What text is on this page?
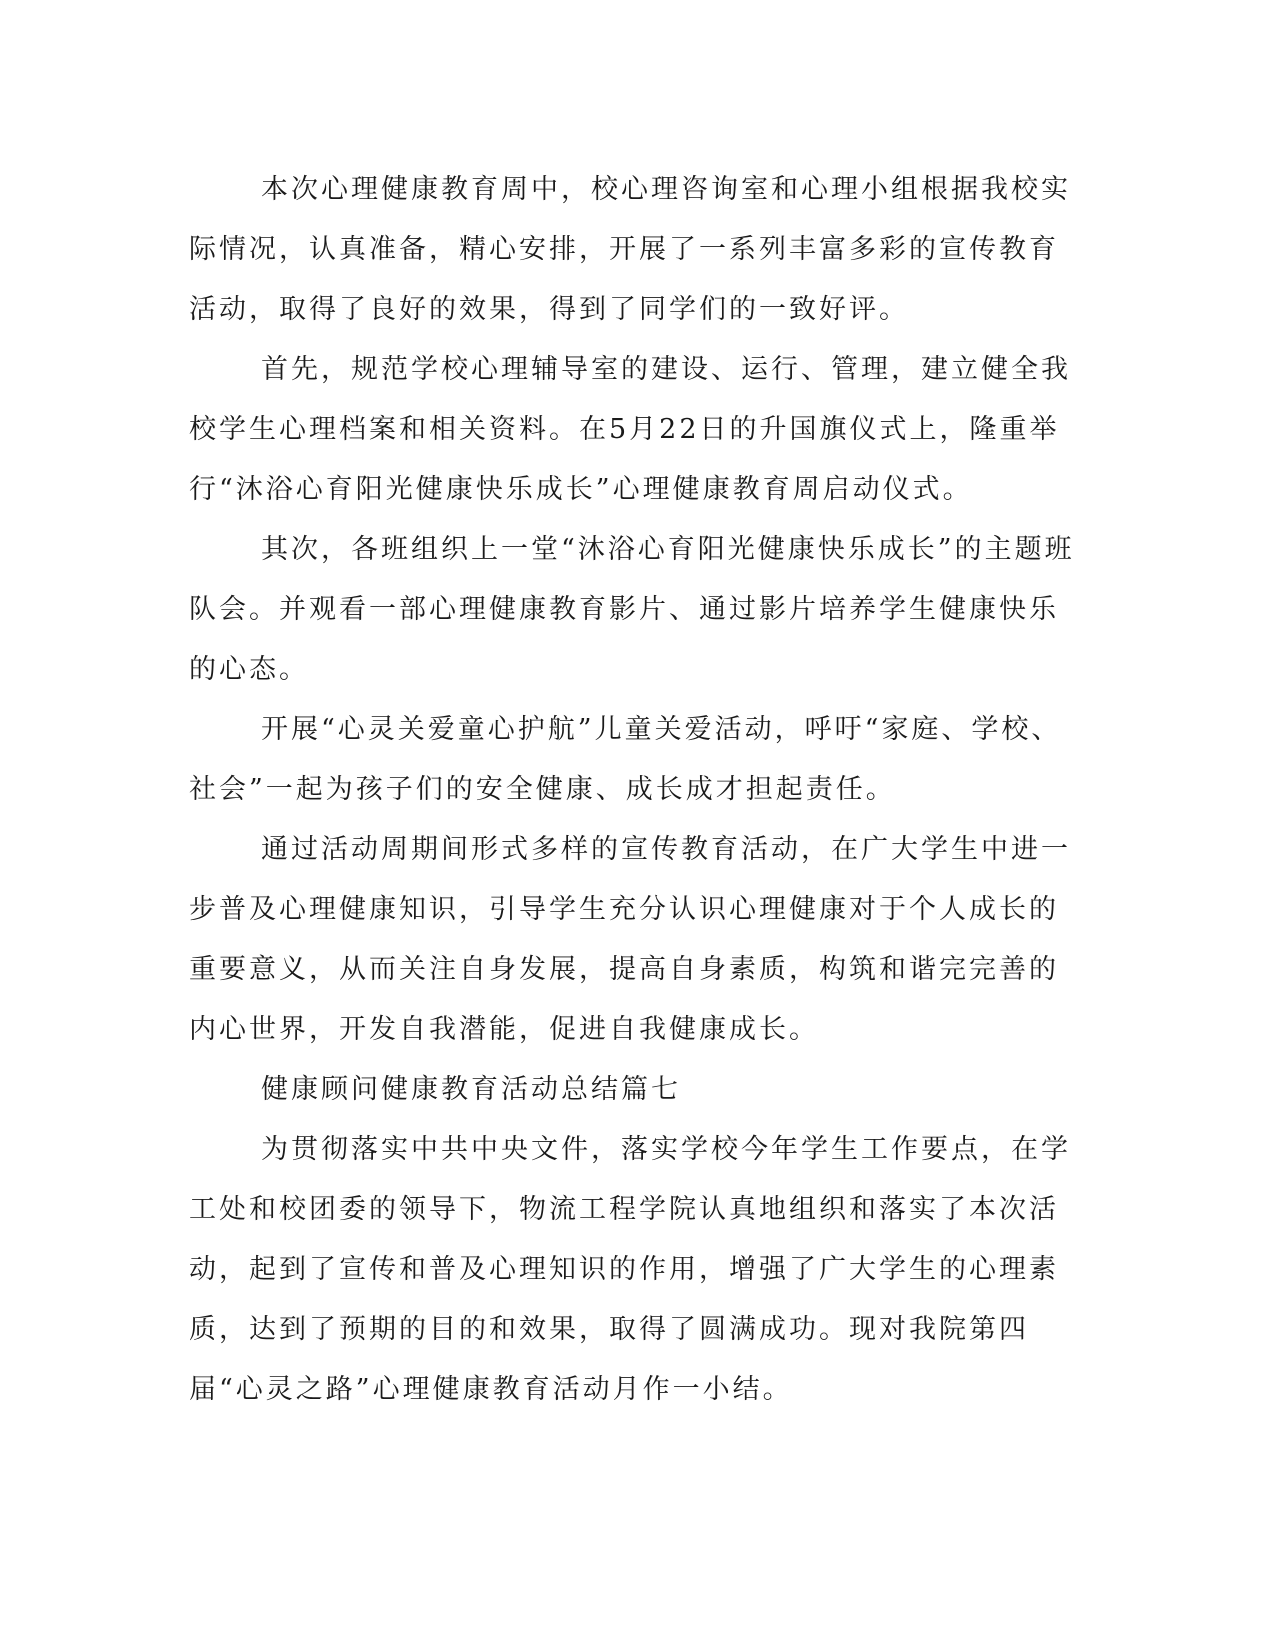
本次心理健康教育周中，校心理咨询室和心理小组根据我校实际情况，认真准备，精心安排，开展了一系列丰富多彩的宣传教育活动，取得了良好的效果，得到了同学们的一致好评。

首先，规范学校心理辅导室的建设、运行、管理，建立健全我校学生心理档案和相关资料。在5月22日的升国旗仪式上，隆重举行“沐浴心育阳光健康快乐成长”心理健康教育周启动仪式。

其次，各班组织上一堂“沐浴心育阳光健康快乐成长”的主题班队会。并观看一部心理健康教育影片、通过影片培养学生健康快乐的心态。

开展“心灵关爱童心护航”儿童关爱活动，呼吁“家庭、学校、社会”一起为孩子们的安全健康、成长成才担起责任。

通过活动周期间形式多样的宣传教育活动，在广大学生中进一步普及心理健康知识，引导学生充分认识心理健康对于个人成长的重要意义，从而关注自身发展，提高自身素质，构筑和谐完完善的内心世界，开发自我潜能，促进自我健康成长。

健康顾问健康教育活动总结篇七

为贯彻落实中共中央文件，落实学校今年学生工作要点，在学工处和校团委的领导下，物流工程学院认真地组织和落实了本次活动，起到了宣传和普及心理知识的作用，增强了广大学生的心理素质，达到了预期的目的和效果，取得了圆满成功。现对我院第四届“心灵之路”心理健康教育活动月作一小结。
